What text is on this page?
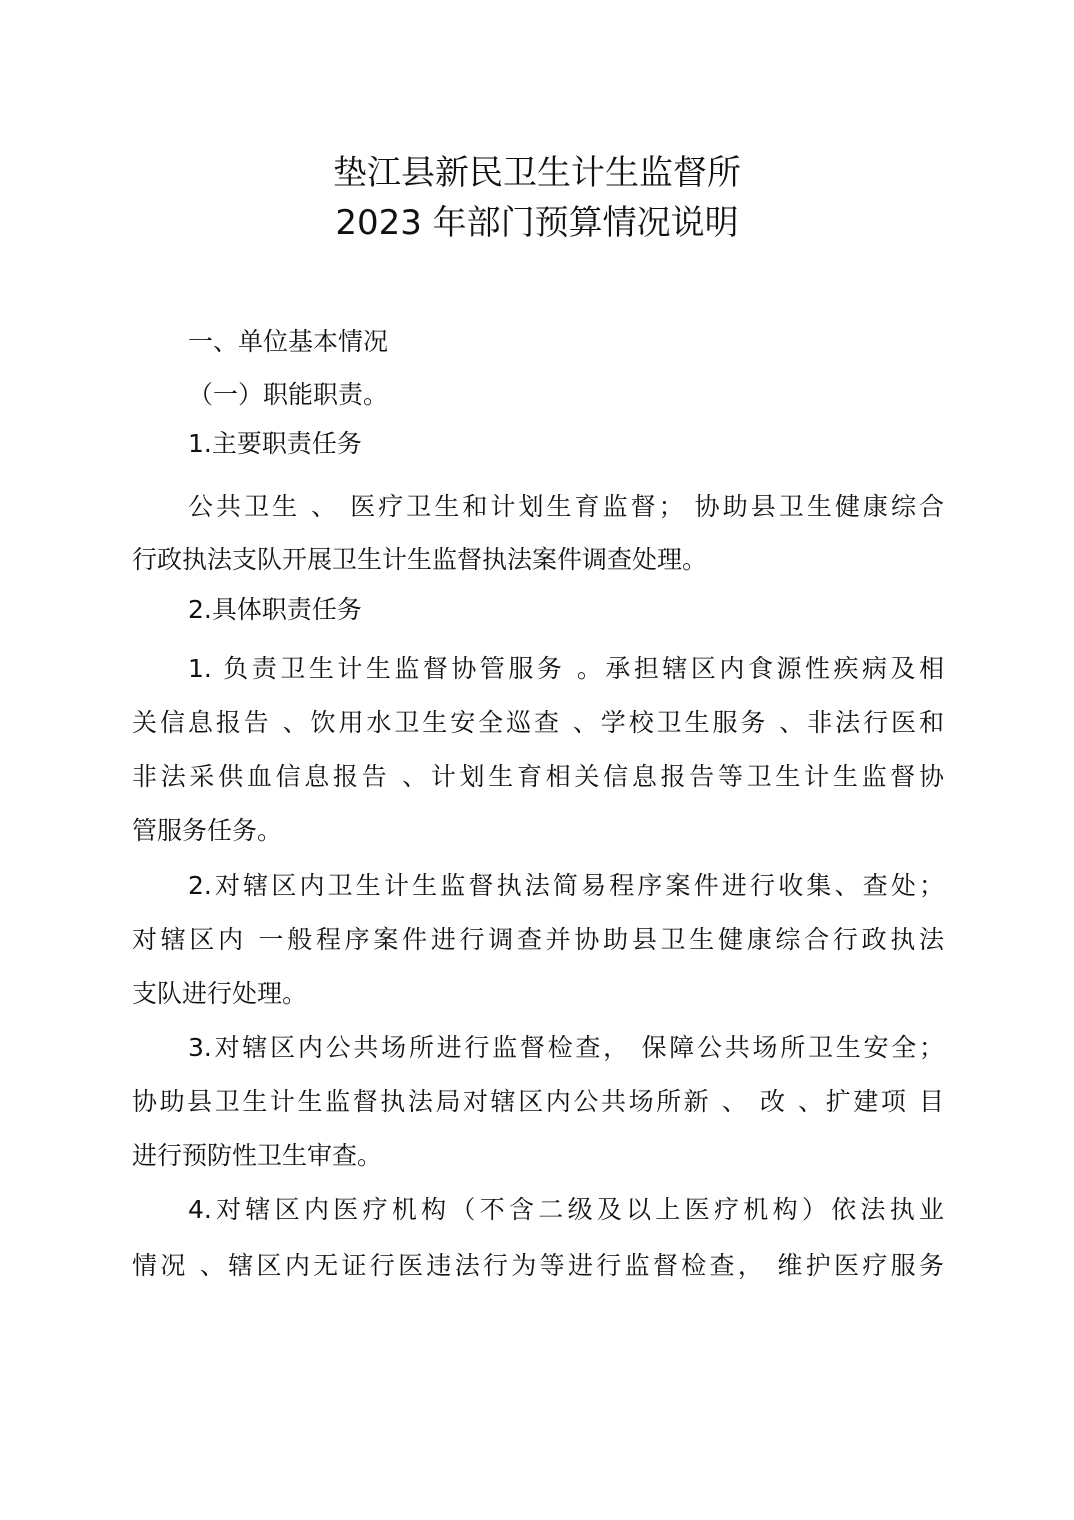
垫江县新民卫生计生监督所
2023 年部门预算情况说明
一、单位基本情况
（一）职能职责。
1.主要职责任务
公共卫生 、 医疗卫生和计划生育监督； 协助县卫生健康综合
行政执法支队开展卫生计生监督执法案件调查处理。
2.具体职责任务
1. 负责卫生计生监督协管服务 。承担辖区内食源性疾病及相
关信息报告 、饮用水卫生安全巡查 、学校卫生服务 、非法行医和
非法采供血信息报告 、计划生育相关信息报告等卫生计生监督协
管服务任务。
2.对辖区内卫生计生监督执法简易程序案件进行收集、查处；
对辖区内 一般程序案件进行调查并协助县卫生健康综合行政执法
支队进行处理。
3.对辖区内公共场所进行监督检查， 保障公共场所卫生安全；
协助县卫生计生监督执法局对辖区内公共场所新 、 改 、扩建项 目
进行预防性卫生审查。
4.对辖区内医疗机构（不含二级及以上医疗机构）依法执业
情况 、辖区内无证行医违法行为等进行监督检查， 维护医疗服务
